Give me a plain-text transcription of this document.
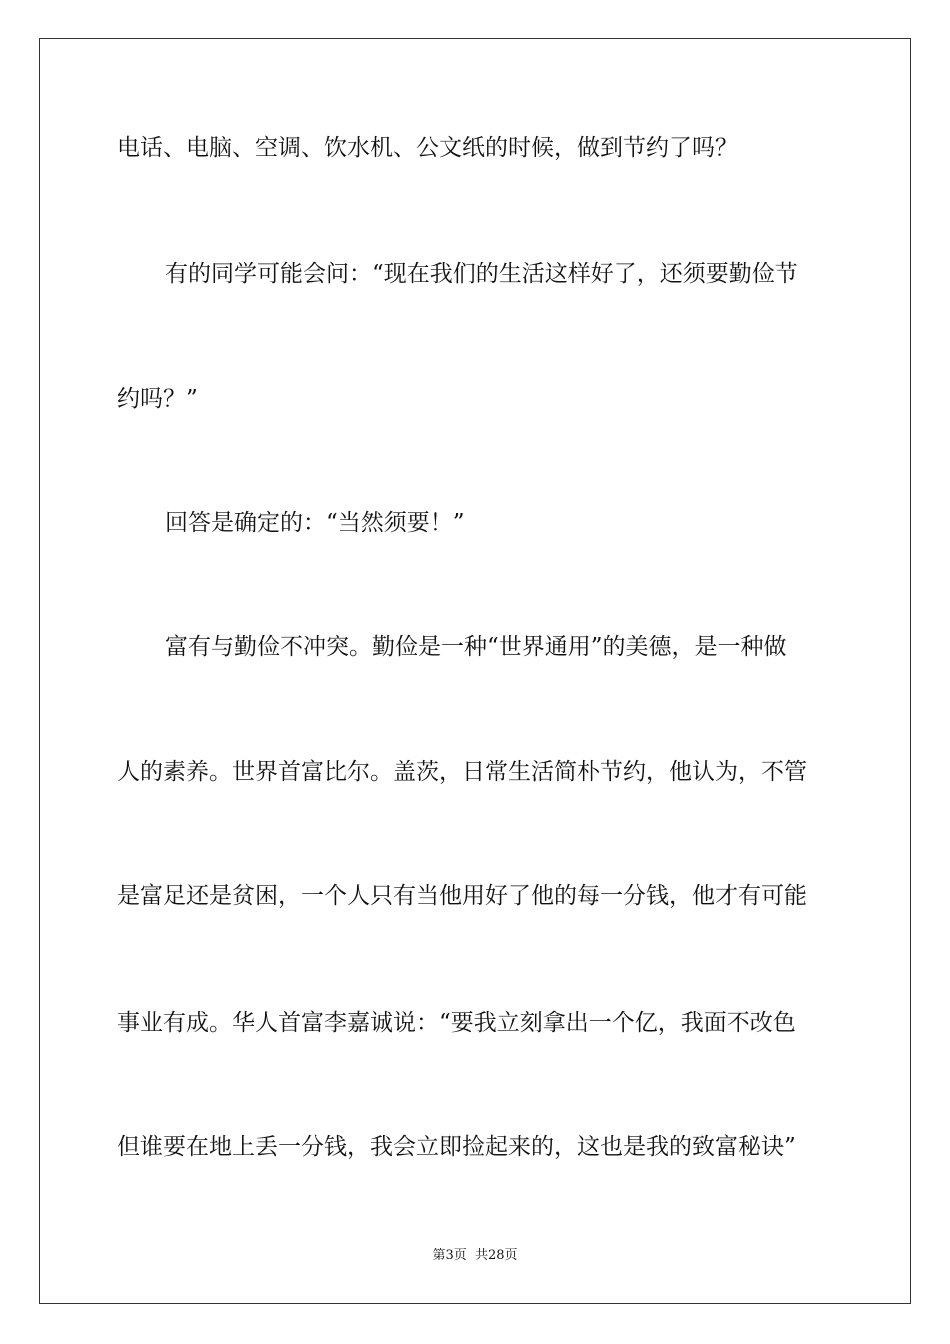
电话、电脑、空调、饮水机、公文纸的时候，做到节约了吗？
有的同学可能会问：“现在我们的生活这样好了，还须要勤俭节
约吗？”
回答是确定的：“当然须要！”
富有与勤俭不冲突。勤俭是一种“世界通用”的美德，是一种做
人的素养。世界首富比尔。盖茨，日常生活简朴节约，他认为，不管
是富足还是贫困，一个人只有当他用好了他的每一分钱，他才有可能
事业有成。华人首富李嘉诚说：“要我立刻拿出一个亿，我面不改色
但谁要在地上丢一分钱，我会立即捡起来的，这也是我的致富秘诀”
第3页 共28页
